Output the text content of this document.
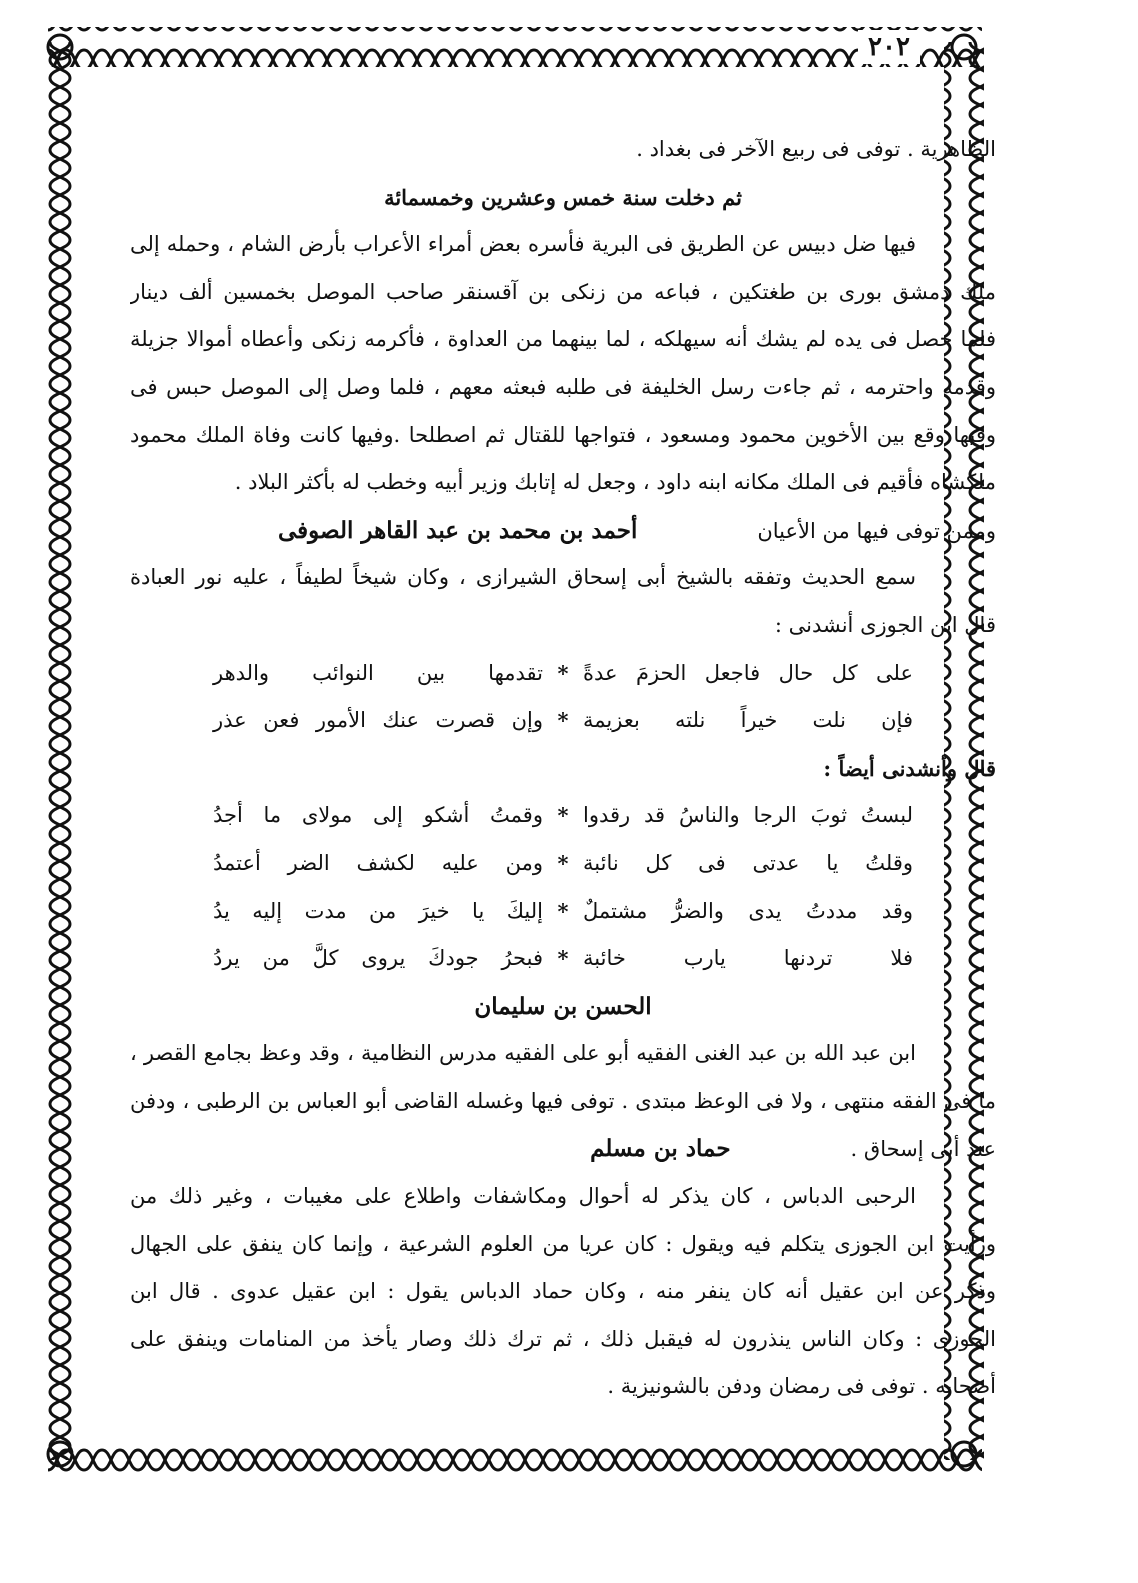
٢٠٢

الظاهرية . توفى فى ربيع الآخر فى بغداد .

ثم دخلت سنة خمس وعشرين وخمسمائة

فيها ضل دبيس عن الطريق فى البرية فأسره بعض أمراء الأعراب بأرض الشام ، وحمله إلى

ملك دمشق بورى بن طغتكين ، فباعه من زنكى بن آقسنقر صاحب الموصل بخمسين ألف دينار

فلما حصل فى يده لم يشك أنه سيهلكه ، لما بينهما من العداوة ، فأكرمه زنكى وأعطاه أموالا جزيلة

وقدمه واحترمه ، ثم جاءت رسل الخليفة فى طلبه فبعثه معهم ، فلما وصل إلى الموصل حبس فى

وفيها وقع بين الأخوين محمود ومسعود ، فتواجها للقتال ثم اصطلحا .وفيها كانت وفاة الملك محمود

ملكشاه فأقيم فى الملك مكانه ابنه داود ، وجعل له إتابك وزير أبيه وخطب له بأكثر البلاد .

وممن توفى فيها من الأعيانأحمد بن محمد بن عبد القاهر الصوفى

سمع الحديث وتفقه بالشيخ أبى إسحاق الشيرازى ، وكان شيخاً لطيفاً ، عليه نور العبادة

قال ابن الجوزى أنشدنى :

على كل حال فاجعل الحزمَ عدةً
*
تقدمها بين النوائب والدهر
فإن نلت خيراً نلته بعزيمة
*
وإن قصرت عنك الأمور فعن عذر

قال وأنشدنى أيضاً :

لبستُ ثوبَ الرجا والناسُ قد رقدوا
*
وقمتُ أشكو إلى مولاى ما أجدُ
وقلتُ يا عدتى فى كل نائبة
*
ومن عليه لكشف الضر أعتمدُ
وقد مددتُ يدى والضرُّ مشتملٌ
*
إليكَ يا خيرَ من مدت إليه يدُ
فلا تردنها يارب خائبة
*
فبحرُ جودكَ يروى كلَّ من يردُ

الحسن بن سليمان

ابن عبد الله بن عبد الغنى الفقيه أبو على الفقيه مدرس النظامية ، وقد وعظ بجامع القصر ،

ما فى الفقه منتهى ، ولا فى الوعظ مبتدى . توفى فيها وغسله القاضى أبو العباس بن الرطبى ، ودفن

عند أبى إسحاق .حماد بن مسلم

الرحبى الدباس ، كان يذكر له أحوال ومكاشفات واطلاع على مغيبات ، وغير ذلك من

ورأيت ابن الجوزى يتكلم فيه ويقول : كان عريا من العلوم الشرعية ، وإنما كان ينفق على الجهال

وذكر عن ابن عقيل أنه كان ينفر منه ، وكان حماد الدباس يقول : ابن عقيل عدوى . قال ابن

الجوزى : وكان الناس ينذرون له فيقبل ذلك ، ثم ترك ذلك وصار يأخذ من المنامات وينفق على

أصحابه . توفى فى رمضان ودفن بالشونيزية .
